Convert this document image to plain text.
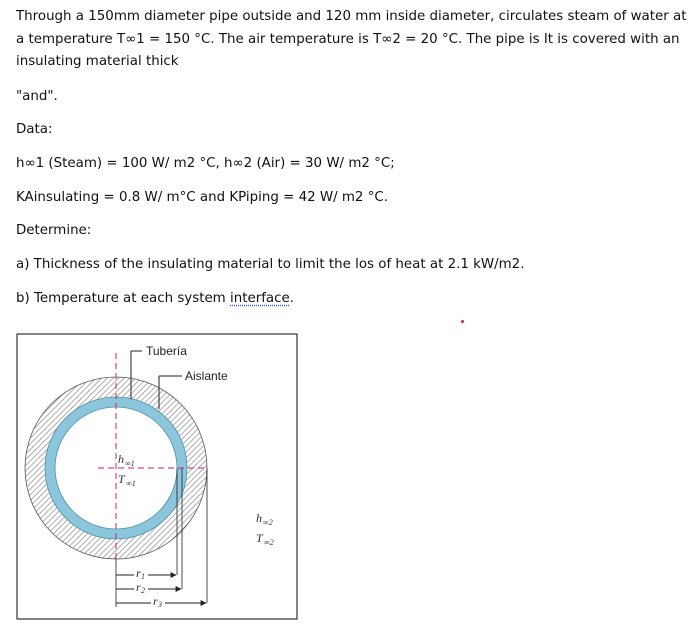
Through a 150mm diameter pipe outside and 120 mm inside diameter, circulates steam of water at a temperature T∞1 = 150 °C. The air temperature is T∞2 = 20 °C. The pipe is It is covered with an insulating material thick
"and".
Data:
h∞1 (Steam) = 100 W/ m2 °C, h∞2 (Air) = 30 W/ m2 °C;
KAinsulating = 0.8 W/ m°C and KPiping = 42 W/ m2 °C.
Determine:
a) Thickness of the insulating material to limit the los of heat at 2.1 kW/m2.
b) Temperature at each system interface.
Tubería
Aislante
h ∞1
T ∞1
h ∞2
T ∞2
r 1
r 2
r 3
